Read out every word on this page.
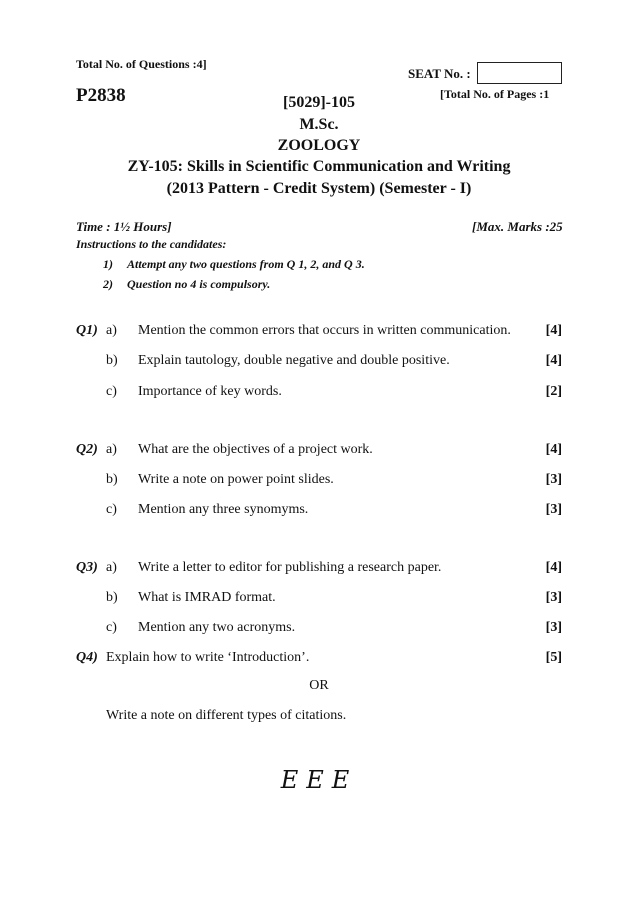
Total No. of Questions :4]
SEAT No. :
P2838	[Total No. of Pages :1
[5029]-105
M.Sc.
ZOOLOGY
ZY-105: Skills in Scientific Communication and Writing
(2013 Pattern - Credit System) (Semester - I)
Time : 1½ Hours]	[Max. Marks :25
Instructions to the candidates:
1) Attempt any two questions from Q 1, 2, and Q 3.
2) Question no 4 is compulsory.
Q1) a) Mention the common errors that occurs in written communication.	[4]
b) Explain tautology, double negative and double positive.	[4]
c) Importance of key words.	[2]
Q2) a) What are the objectives of a project work.	[4]
b) Write a note on power point slides.	[3]
c) Mention any three synomyms.	[3]
Q3) a) Write a letter to editor for publishing a research paper.	[4]
b) What is IMRAD format.	[3]
c) Mention any two acronyms.	[3]
Q4) Explain how to write ‘Introduction’.	[5]
OR
Write a note on different types of citations.
EEE
